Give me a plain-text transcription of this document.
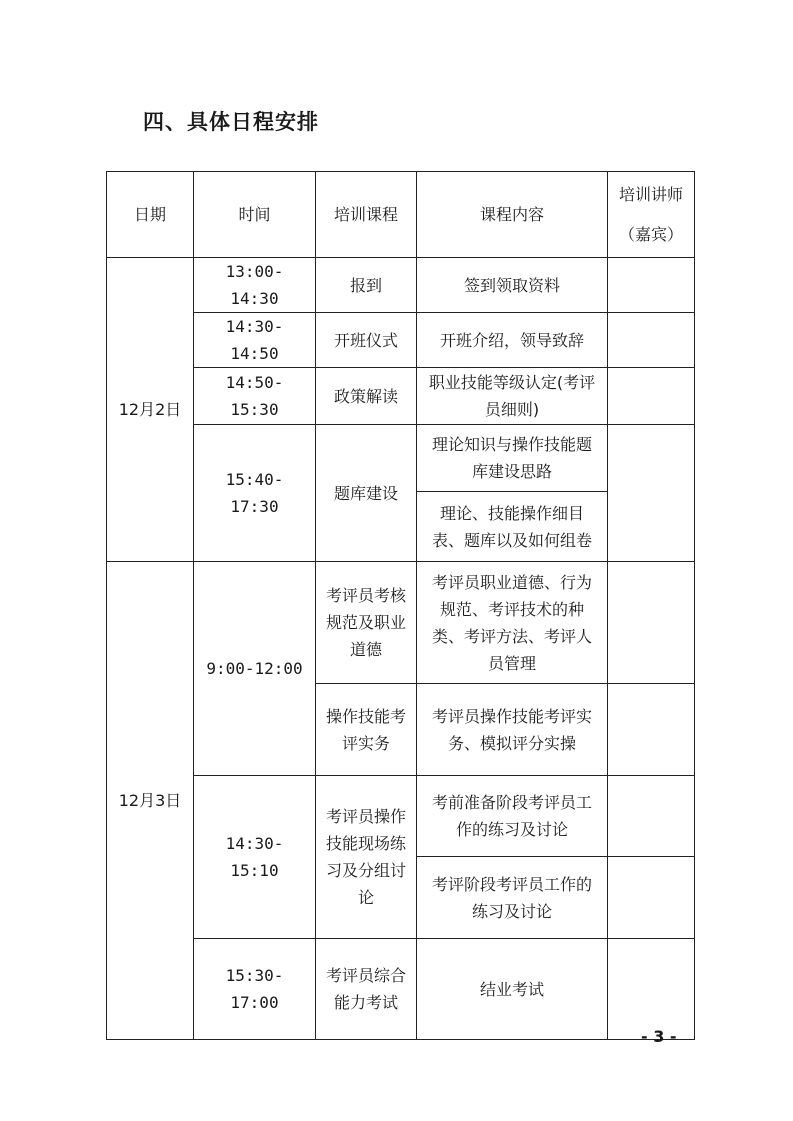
四、具体日程安排
日期	时间	培训课程	课程内容	培训讲师（嘉宾）
12月2日	13:00-14:30	报到	签到领取资料	
	14:30-14:50	开班仪式	开班介绍，领导致辞	
	14:50-15:30	政策解读	职业技能等级认定(考评员细则)	
	15:40-17:30	题库建设	理论知识与操作技能题库建设思路	
			理论、技能操作细目表、题库以及如何组卷	
12月3日	9:00-12:00	考评员考核规范及职业道德	考评员职业道德、行为规范、考评技术的种类、考评方法、考评人员管理	
		操作技能考评实务	考评员操作技能考评实务、模拟评分实操	
	14:30-15:10	考评员操作技能现场练习及分组讨论	考前准备阶段考评员工作的练习及讨论	
			考评阶段考评员工作的练习及讨论	
	15:30-17:00	考评员综合能力考试	结业考试	
- 3 -
